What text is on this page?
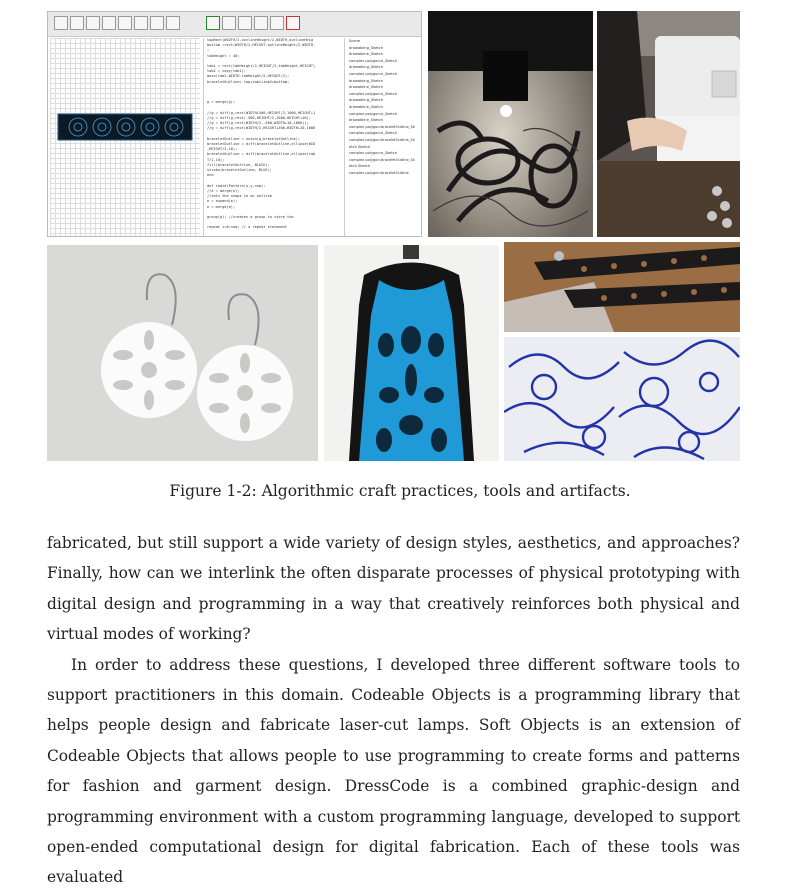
topRect(WIDTH/2,outlineHeight/2,WIDTH,outlineHeig
bottom =rect(WIDTH/2,HEIGHT-outlineHeight/2,WIDTH,
;
tabHeight = 40;

tab1 = rect(tabHeight/2,HEIGHT/2,tabHeight,HEIGHT)
tab2 = copy(tab1);
move(tab2,WIDTH-tabHeight/2,HEIGHT/2);
braceletOutline= top+tab1+tab2+bottom;

g = merge(g);

//g = diff(g,rect(WIDTH+500,HEIGHT/2,1000,HEIGHT+1
//g = diff(g,rect(-500,HEIGHT/2,1000,HEIGHT+10);
//g = diff(g,rect(WIDTH/2,-500,WIDTH+10,1000));
//g = diff(g,rect(WIDTH/2,HEIGHT+500,WIDTH+10,1000

braceletOutline = union(g,braceletOutline);
braceletOutline = diff(braceletOutline,ellipse(WID
,HEIGHT/2,10);
braceletOutline = diff(braceletOutline,ellipse(tab
T/2,10);
fill(braceletOutline, BLACK);
stroke(braceletOutline, BLUE);
end

def radialPattern(x,y,num):
//e = merge(e);
//sets the shape to an outline
e = expand(e);
e = merge(e);

group(g); //creates a group to store the

repeat i=0:num; // a repeat statement
Scene
drawable:g_Sketch
drawable:e_Sketch
complex polygon:e_Sketch
drawable:g_Sketch
complex polygon:e_Sketch
drawable:g_Sketch
drawable:e_Sketch
complex polygon:e_Sketch
drawable:g_Sketch
drawable:e_Sketch
complex polygon:e_Sketch
drawable:e_Sketch
complex polygon:braceletOutline_Sk
complex polygon:e_Sketch
complex polygon:braceletOutline_Sk
etch Sketch
complex polygon:e_Sketch
complex polygon:braceletOutline_Sk
etch Sketch
complex polygon:braceletOutline
Figure 1-2: Algorithmic craft practices, tools and artifacts.

fabricated, but still support a wide variety of design styles, aesthetics, and approaches? Finally, how can we interlink the often disparate processes of physical prototyping with digital design and programming in a way that creatively reinforces both physical and virtual modes of working?

In order to address these questions, I developed three different software tools to support practitioners in this domain. Codeable Objects is a programming library that helps people design and fabricate laser-cut lamps. Soft Objects is an extension of Codeable Objects that allows people to use programming to create forms and patterns for fashion and garment design. DressCode is a combined graphic-design and programming environment with a custom programming language, developed to support open-ended computational design for digital fabrication. Each of these tools was evaluated
